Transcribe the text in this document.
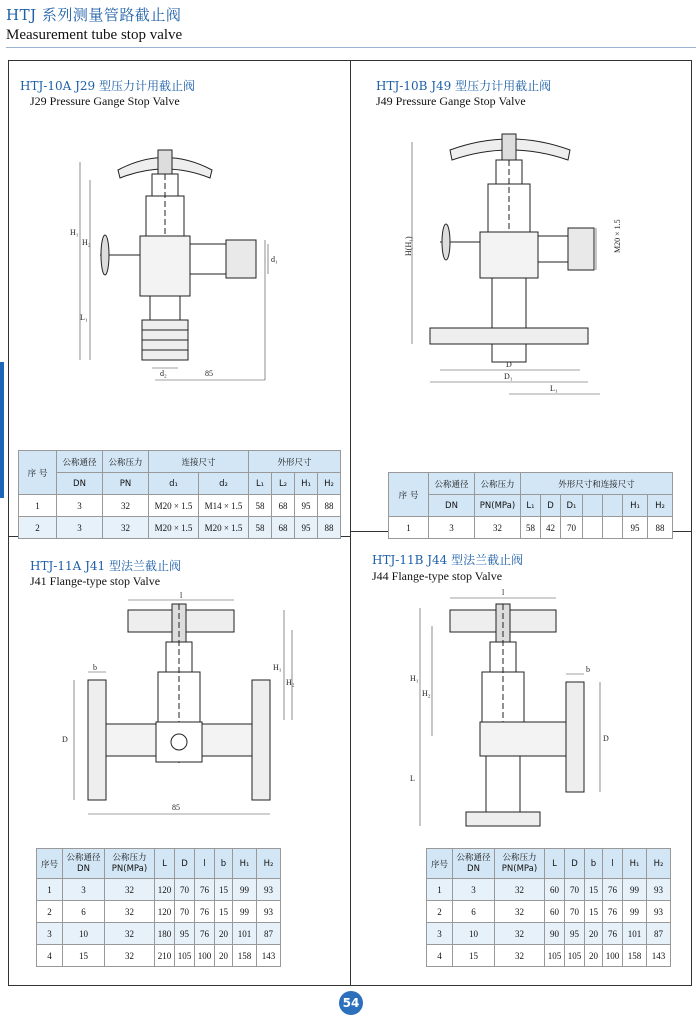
HTJ 系列测量管路截止阀
Measurement tube stop valve
HTJ-10A J29 型压力计用截止阀
J29 Pressure Gange Stop Valve
H₁
H₂
L₁
d₁
d₂	85
序 号	公称通径	公称压力	连接尺寸		外形尺寸			
	DN	PN	d₁	d₂	L₁	L₂	H₁	H₂
1	3	32	M20 × 1.5	M14 × 1.5	58	68	95	88
2	3	32	M20 × 1.5	M20 × 1.5	58	68	95	88
HTJ-10B J49 型压力计用截止阀
J49 Pressure Gange Stop Valve
H(H₁)	M20 × 1.5
D
D₁
L₁
序 号	公称通径	公称压力	外形尺寸和连接尺寸						
	DN	PN(MPa)	L₁	D	D₁			H₁	H₂
1	3	32	58	42	70			95	88
HTJ-11A J41 型法兰截止阀
J41 Flange-type stop Valve
l
b
D
H₁
H₂
85
序号	公称通径
DN	公称压力
PN(MPa)	L	D	l	b	H₁	H₂
1	3	32	120	70	76	15	99	93
2	6	32	120	70	76	15	99	93
3	10	32	180	95	76	20	101	87
4	15	32	210	105	100	20	158	143
HTJ-11B J44 型法兰截止阀
J44 Flange-type stop Valve
l
b
H₁
H₂
D
L
序号	公称通径
DN	公称压力
PN(MPa)	L	D	b	l	H₁	H₂
1	3	32	60	70	15	76	99	93
2	6	32	60	70	15	76	99	93
3	10	32	90	95	20	76	101	87
4	15	32	105	105	20	100	158	143
54
